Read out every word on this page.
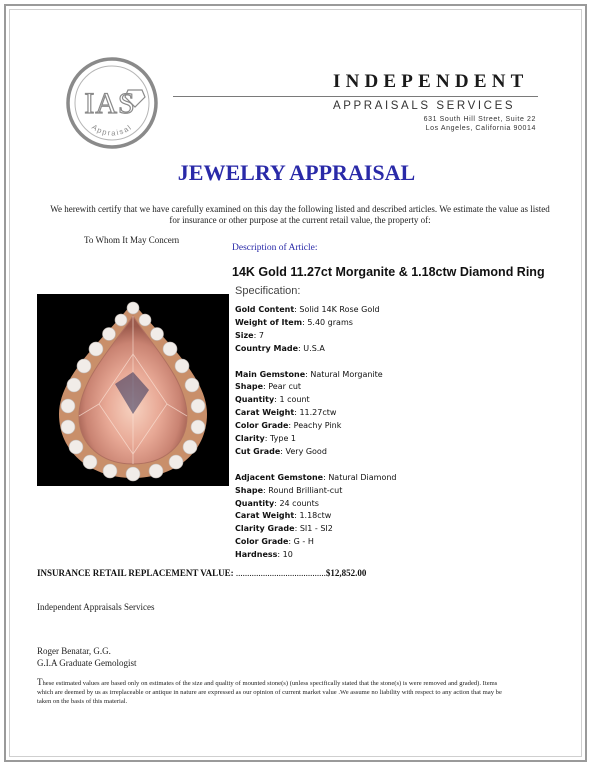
IAS
Appraisal
INDEPENDENT
APPRAISALS SERVICES
631 South Hill Street, Suite 22
Los Angeles, California 90014
JEWELRY APPRAISAL
We herewith certify that we have carefully examined on this day the following listed and described articles. We estimate the value as listed for insurance or other purpose at the current retail value, the property of:
To Whom It May Concern
Description of Article:
14K Gold 11.27ct Morganite & 1.18ctw Diamond Ring
Specification:
Gold Content: Solid 14K Rose Gold
Weight of Item: 5.40 grams
Size: 7
Country Made: U.S.A
Main Gemstone: Natural Morganite
Shape: Pear cut
Quantity: 1 count
Carat Weight: 11.27ctw
Color Grade: Peachy Pink
Clarity: Type 1
Cut Grade: Very Good
Adjacent Gemstone: Natural Diamond
Shape: Round Brilliant-cut
Quantity: 24 counts
Carat Weight: 1.18ctw
Clarity Grade: SI1 - SI2
Color Grade: G - H
Hardness: 10
INSURANCE RETAIL REPLACEMENT VALUE: ........................................$12,852.00
Independent Appraisals Services
Roger Benatar, G.G.
G.I.A Graduate Gemologist
These estimated values are based only on estimates of the size and quality of mounted stone(s) (unless specifically stated that the stone(s) is were removed and graded). Items which are deemed by us as irreplaceable or antique in nature are expressed as our opinion of current market value .We assume no liability with respect to any action that may be taken on the basis of this material.
